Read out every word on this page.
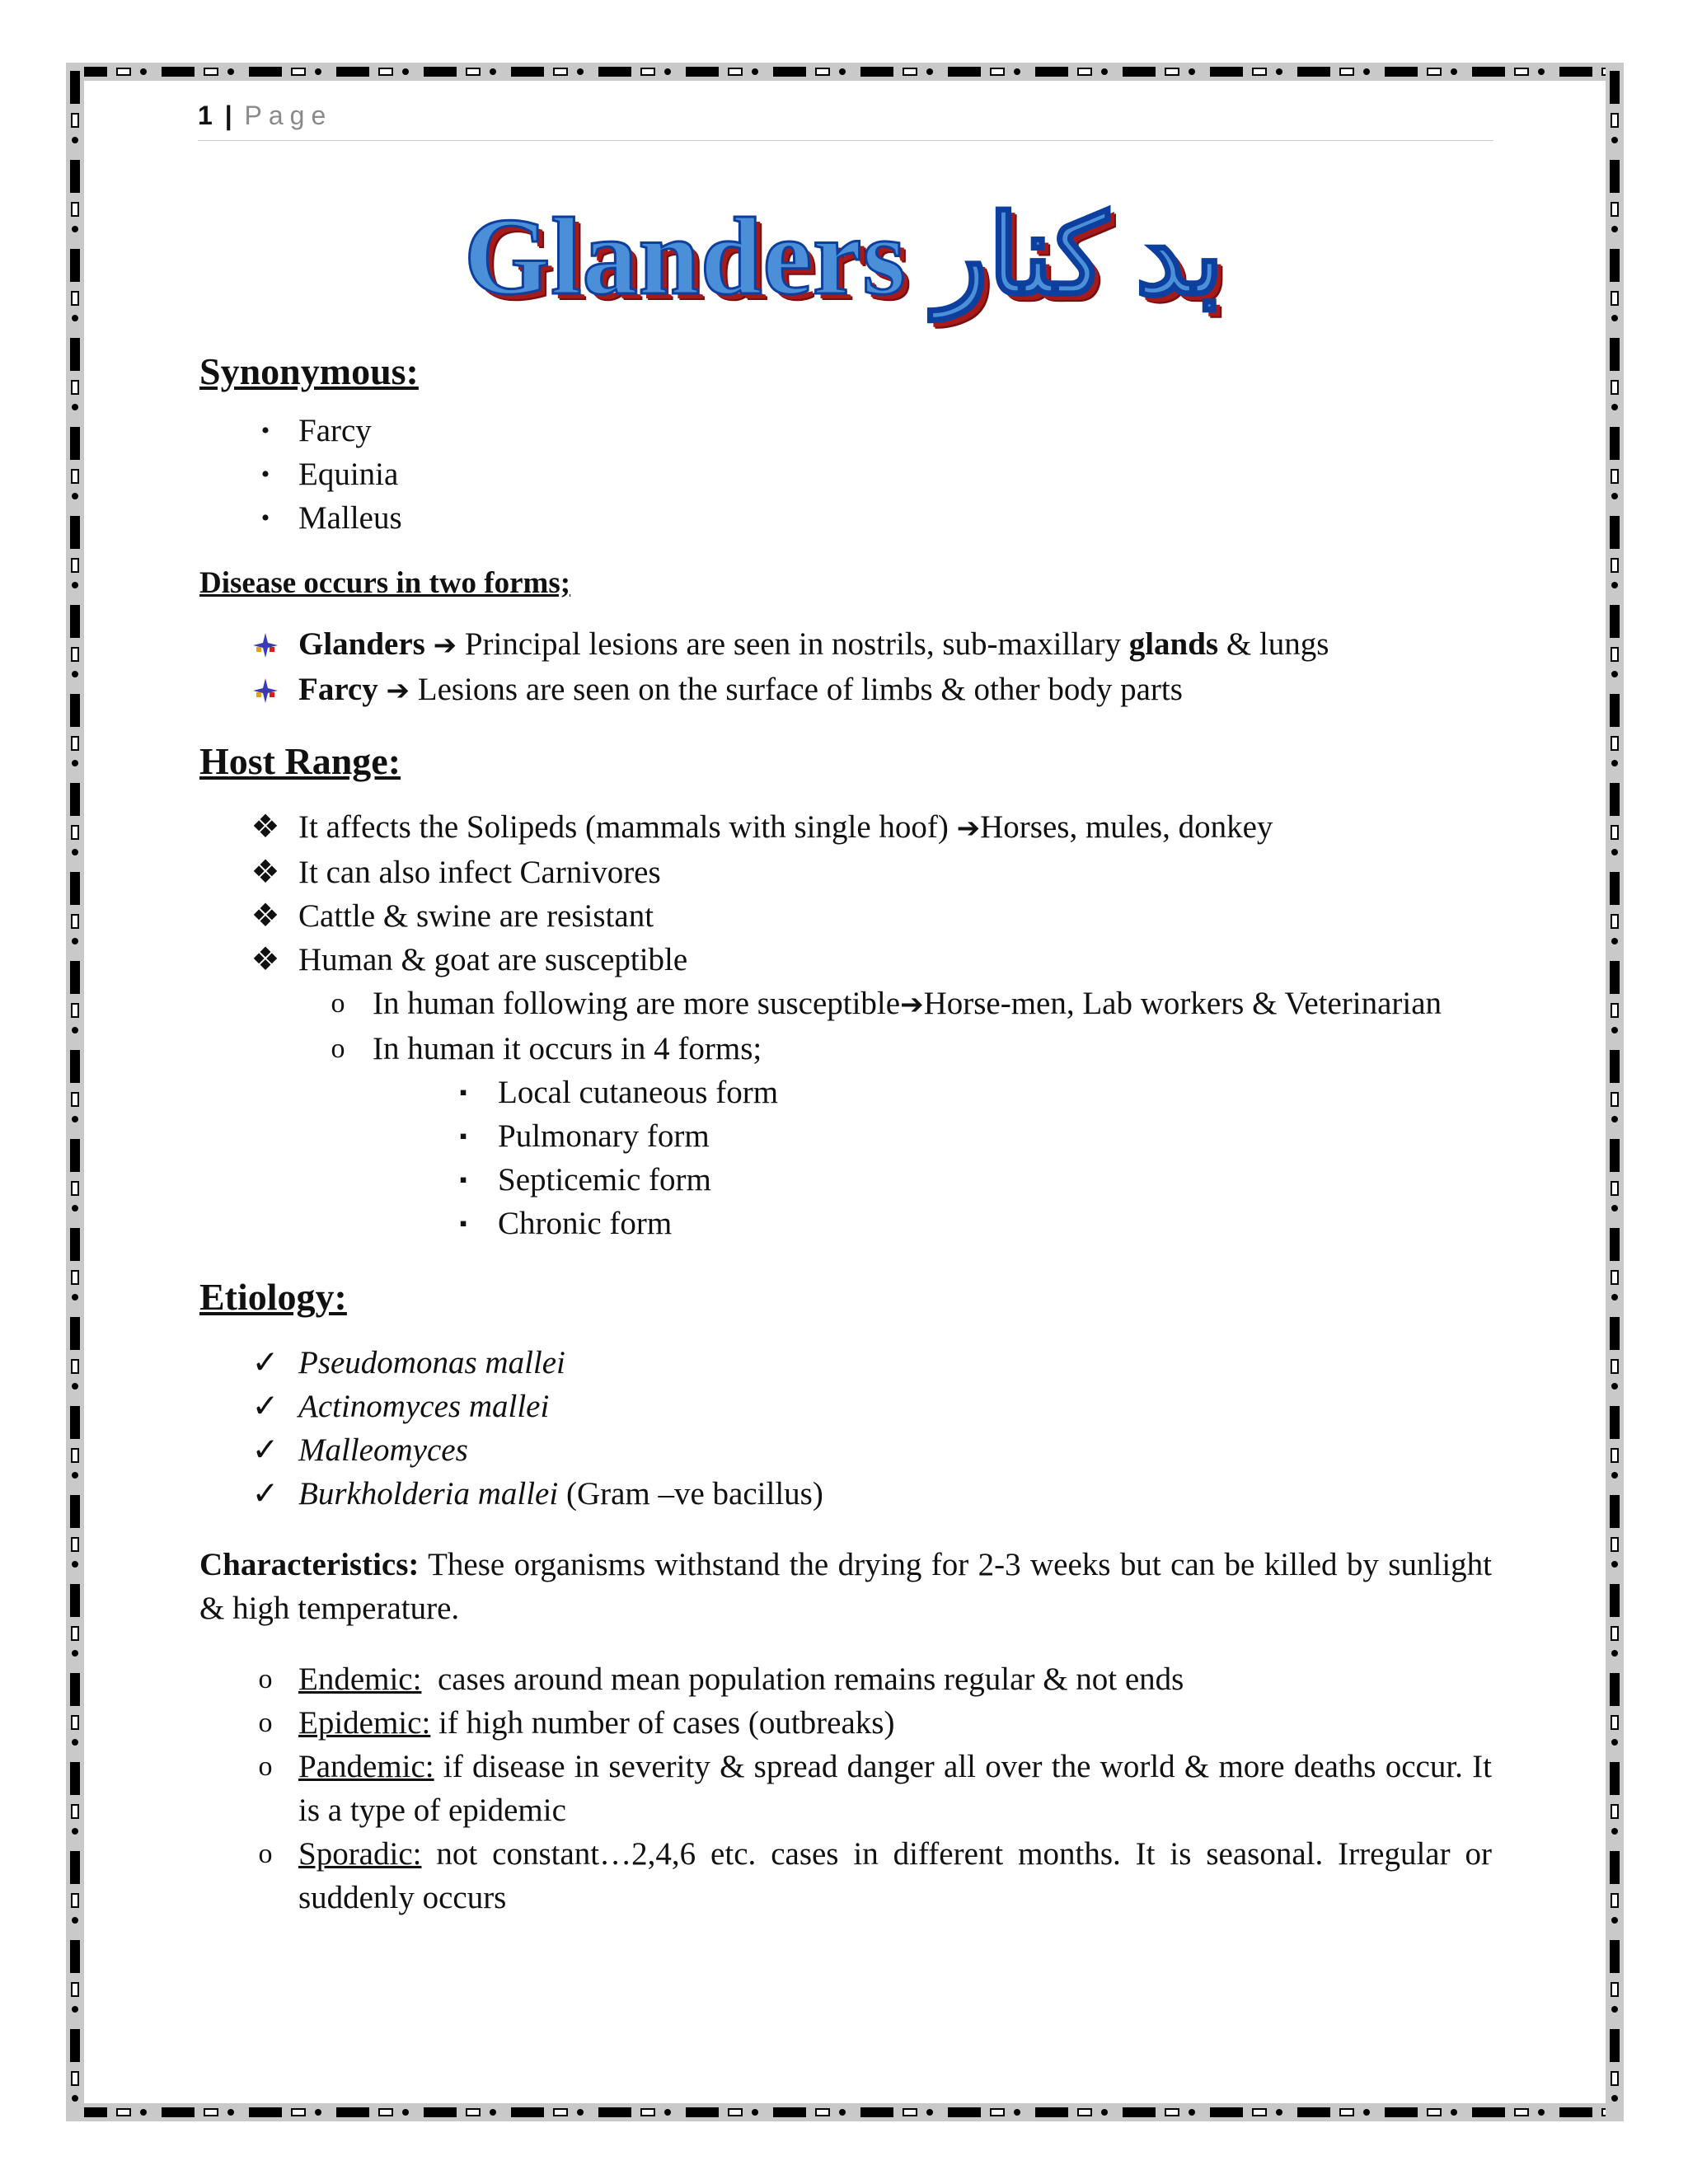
1 | Page
Glanders بد کنار
Synonymous:
• Farcy
• Equinia
• Malleus
Disease occurs in two forms;
Glanders ➔ Principal lesions are seen in nostrils, sub-maxillary glands & lungs
Farcy ➔ Lesions are seen on the surface of limbs & other body parts
Host Range:
❖ It affects the Solipeds (mammals with single hoof) ➔Horses, mules, donkey
❖ It can also infect Carnivores
❖ Cattle & swine are resistant
❖ Human & goat are susceptible
o In human following are more susceptible➔Horse-men, Lab workers & Veterinarian
o In human it occurs in 4 forms;
▪ Local cutaneous form
▪ Pulmonary form
▪ Septicemic form
▪ Chronic form
Etiology:
✓ Pseudomonas mallei
✓ Actinomyces mallei
✓ Malleomyces
✓ Burkholderia mallei (Gram –ve bacillus)

Characteristics: These organisms withstand the drying for 2-3 weeks but can be killed by sunlight & high temperature.

o Endemic:  cases around mean population remains regular & not ends
o Epidemic: if high number of cases (outbreaks)
o Pandemic: if disease in severity & spread danger all over the world & more deaths occur. It is a type of epidemic
o Sporadic: not constant…2,4,6 etc. cases in different months. It is seasonal. Irregular or suddenly occurs
